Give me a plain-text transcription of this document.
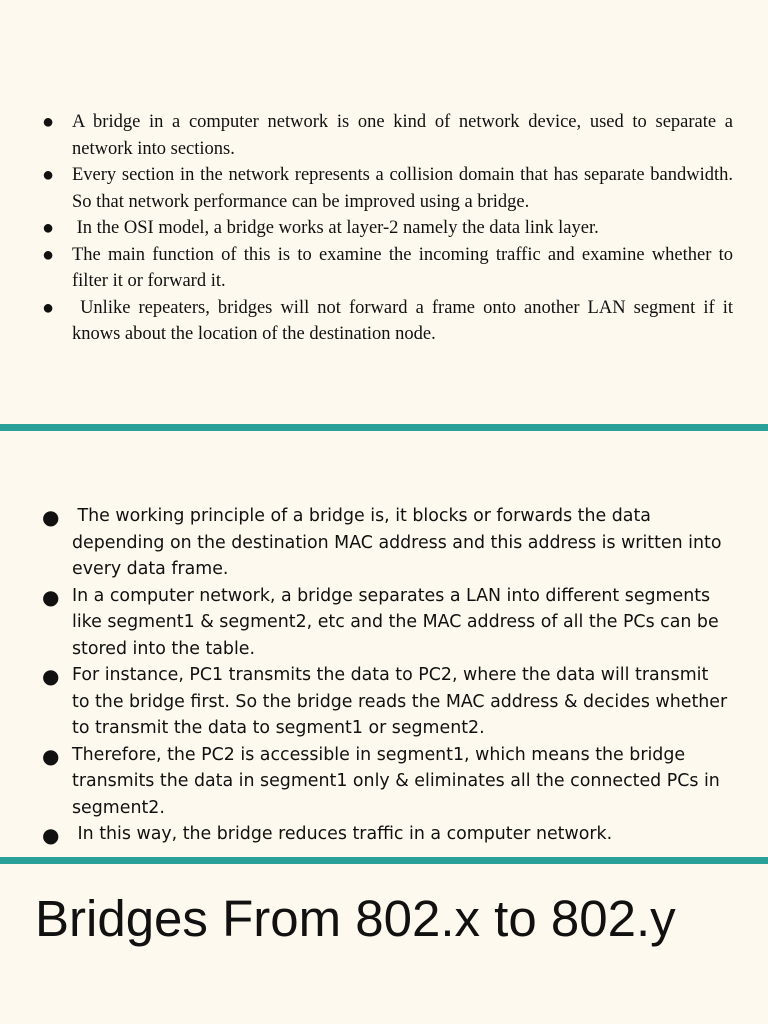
● A bridge in a computer network is one kind of network device, used to separate a network into sections.
● Every section in the network represents a collision domain that has separate bandwidth. So that network performance can be improved using a bridge.
● In the OSI model, a bridge works at layer-2 namely the data link layer.
● The main function of this is to examine the incoming traffic and examine whether to filter it or forward it.
● Unlike repeaters, bridges will not forward a frame onto another LAN segment if it knows about the location of the destination node.
● The working principle of a bridge is, it blocks or forwards the data depending on the destination MAC address and this address is written into every data frame.
● In a computer network, a bridge separates a LAN into different segments like segment1 & segment2, etc and the MAC address of all the PCs can be stored into the table.
● For instance, PC1 transmits the data to PC2, where the data will transmit to the bridge first. So the bridge reads the MAC address & decides whether to transmit the data to segment1 or segment2.
● Therefore, the PC2 is accessible in segment1, which means the bridge transmits the data in segment1 only & eliminates all the connected PCs in segment2.
● In this way, the bridge reduces traffic in a computer network.
Bridges From 802.x to 802.y
